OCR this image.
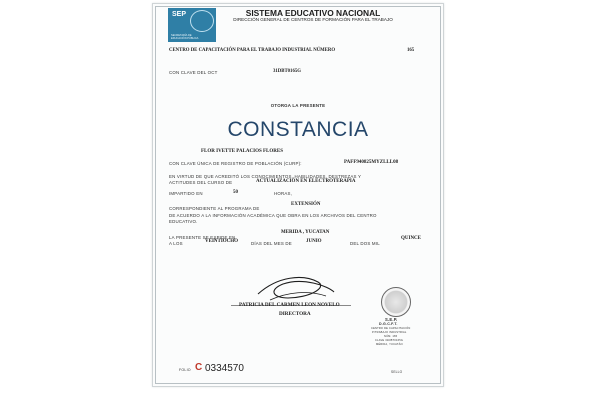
SEP
SECRETARÍA DE EDUCACIÓN PÚBLICA
SISTEMA EDUCATIVO NACIONAL
DIRECCIÓN GENERAL DE CENTROS DE FORMACIÓN PARA EL TRABAJO
CENTRO DE CAPACITACIÓN PARA EL TRABAJO INDUSTRIAL NÚMERO	165
CON CLAVE DEL OCT	31DBT0165G
OTORGA LA PRESENTE
CONSTANCIA
FLOR IVETTE PALACIOS FLORES
CON CLAVE ÚNICA DE REGISTRO DE POBLACIÓN (CURP):	PAFF940825MYZLLL08
EN VIRTUD DE QUE ACREDITÓ LOS CONOCIMIENTOS, HABILIDADES, DESTREZAS Y
ACTITUDES DEL CURSO DE	ACTUALIZACIÓN EN ELECTROTERAPIA
IMPARTIDO EN	50	HORAS,
CORRESPONDIENTE AL PROGRAMA DE
EXTENSIÓN
DE ACUERDO A LA INFORMACIÓN ACADÉMICA QUE OBRA EN LOS ARCHIVOS DEL CENTRO
EDUCATIVO.
LA PRESENTE SE EXPIDE EN
MERIDA , YUCATAN
A LOS	VEINTIOCHO	DÍAS DEL MES DE	JUNIO	DEL DOS MIL
QUINCE
PATRICIA DEL CARMEN LEON NOVELO
DIRECTORA
S.E.P.
D.G.C.F.T.
CENTRO DE CAPACITACIÓN
P/TRABAJO INDUSTRIAL
NÚM. 165
CLAVE 31DBT0165G
MÉRIDA, YUCATÁN
FOLIO C 0334570	SELLO
